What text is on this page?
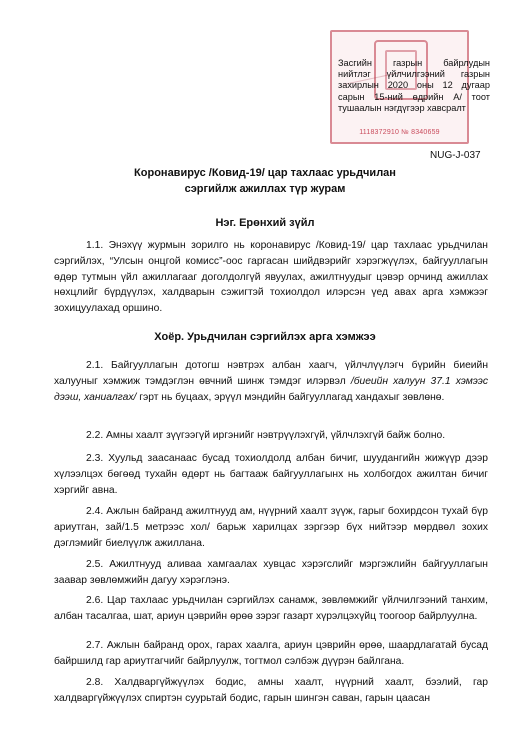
1118372910 № 8340659
Засгийн газрын байрлудын
нийтлэг үйлчилгээний газрын
захирлын 2020 оны 12 дугаар
сарын 15-ний өдрийн А/ тоот
тушаалын нэгдүгээр хавсралт
NUG-J-037
Коронавирус /Ковид-19/ цар тахлаас урьдчилан
сэргийлж ажиллах түр журам
Нэг. Ерөнхий зүйл
1.1. Энэхүү журмын зорилго нь коронавирус /Ковид-19/ цар тахлаас урьдчилан сэргийлэх, “Улсын онцгой комисс”-оос гаргасан шийдвэрийг хэрэгжүүлэх, байгууллагын өдөр тутмын үйл ажиллагааг доголдолгүй явуулах, ажилтнуудыг цэвэр орчинд ажиллах нөхцлийг бүрдүүлэх, халдварын сэжигтэй тохиолдол илэрсэн үед авах арга хэмжээг зохицуулахад оршино.
Хоёр. Урьдчилан сэргийлэх арга хэмжээ
2.1. Байгууллагын дотогш нэвтрэх албан хаагч, үйлчлүүлэгч бүрийн биеийн халууныг хэмжиж тэмдэглэн өвчний шинж тэмдэг илэрвэл /биеийн халуун 37.1 хэмээс дээш, ханиалгах/ гэрт нь буцаах, эрүүл мэндийн байгууллагад хандахыг зөвлөнө.
2.2. Амны хаалт зүүгээгүй иргэнийг нэвтрүүлэхгүй, үйлчлэхгүй байж болно.
2.3. Хуульд заасанаас бусад тохиолдолд албан бичиг, шуудангийн жижүүр дээр хүлээлцэх бөгөөд тухайн өдөрт нь багтааж байгууллагынх нь холбогдох ажилтан бичиг хэргийг авна.
2.4. Ажлын байранд ажилтнууд ам, нүүрний хаалт зүүж, гарыг бохирдсон тухай бүр ариутган, зай/1.5 метрээс хол/ барьж харилцах зэргээр бүх нийтээр мөрдвөл зохих дэглэмийг биелүүлж ажиллана.
2.5. Ажилтнууд аливаа хамгаалах хувцас хэрэгслийг мэргэжлийн байгууллагын заавар зөвлөмжийн дагуу хэрэглэнэ.
2.6. Цар тахлаас урьдчилан сэргийлэх санамж, зөвлөмжийг үйлчилгээний танхим, албан тасалгаа, шат, ариун цэврийн өрөө зэрэг газарт хүрэлцэхүйц тоогоор байрлуулна.
2.7. Ажлын байранд орох, гарах хаалга, ариун цэврийн өрөө, шаардлагатай бусад байршилд гар ариутгагчийг байрлуулж, тогтмол сэлбэж дүүрэн байлгана.
2.8. Халдваргүйжүүлэх бодис, амны хаалт, нүүрний хаалт, бээлий, гар халдваргүйжүүлэх спиртэн суурьтай бодис, гарын шингэн саван, гарын цаасан
